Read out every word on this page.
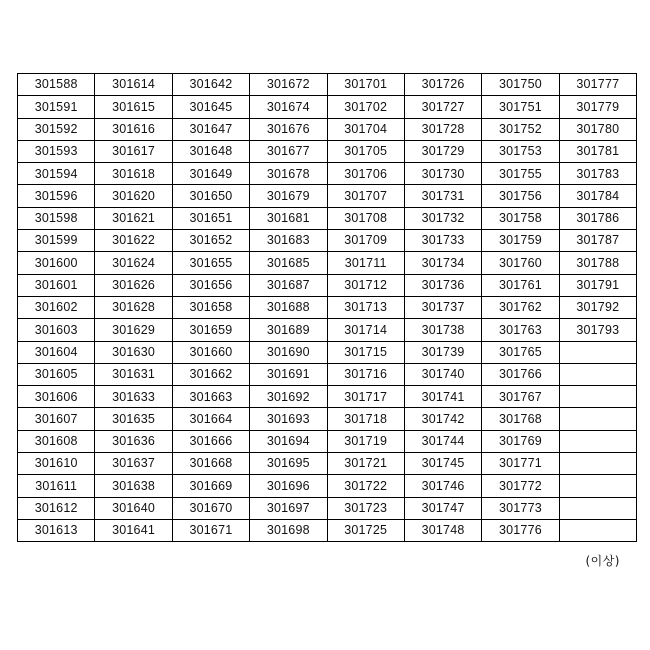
301588	301614	301642	301672	301701	301726	301750	301777
301591	301615	301645	301674	301702	301727	301751	301779
301592	301616	301647	301676	301704	301728	301752	301780
301593	301617	301648	301677	301705	301729	301753	301781
301594	301618	301649	301678	301706	301730	301755	301783
301596	301620	301650	301679	301707	301731	301756	301784
301598	301621	301651	301681	301708	301732	301758	301786
301599	301622	301652	301683	301709	301733	301759	301787
301600	301624	301655	301685	301711	301734	301760	301788
301601	301626	301656	301687	301712	301736	301761	301791
301602	301628	301658	301688	301713	301737	301762	301792
301603	301629	301659	301689	301714	301738	301763	301793
301604	301630	301660	301690	301715	301739	301765	
301605	301631	301662	301691	301716	301740	301766	
301606	301633	301663	301692	301717	301741	301767	
301607	301635	301664	301693	301718	301742	301768	
301608	301636	301666	301694	301719	301744	301769	
301610	301637	301668	301695	301721	301745	301771	
301611	301638	301669	301696	301722	301746	301772	
301612	301640	301670	301697	301723	301747	301773	
301613	301641	301671	301698	301725	301748	301776	
(이상)
